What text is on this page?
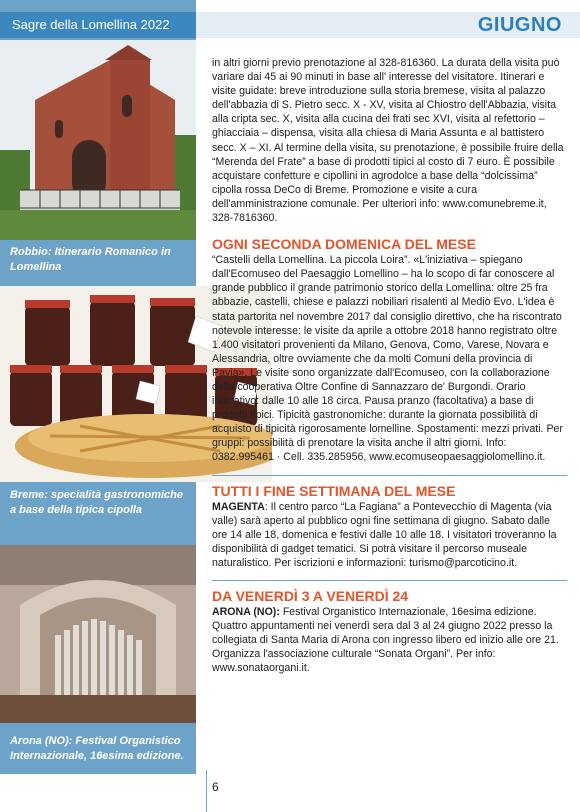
Sagre della Lomellina 2022	GIUGNO
Robbio: Itinerario Romanico in Lomellina
Breme: specialità gastronomiche a base della tipica cipolla
Arona (NO): Festival Organistico Internazionale, 16esima edizione.

in altri giorni previo prenotazione al 328-816360. La durata della visita può variare dai 45 ai 90 minuti in base all' interesse del visitatore. Itinerari e visite guidate: breve introduzione sulla storia bremese, visita al palazzo dell'abbazia di S. Pietro secc. X - XV, visita al Chiostro dell'Abbazia, visita alla cripta sec. X, visita alla cucina dei frati sec XVI, visita al refettorio – ghiacciaia – dispensa, visita alla chiesa di Maria Assunta e al battistero secc. X – XI. Al termine della visita, su prenotazione, è possibile fruire della “Merenda del Frate” a base di prodotti tipici al costo di 7 euro. È possibile acquistare confetture e cipollini in agrodolce a base della “dolcissima” cipolla rossa DeCo di Breme. Promozione e visite a cura dell'amministrazione comunale. Per ulteriori info: www.comunebreme.it, 328-7816360.

OGNI SECONDA DOMENICA DEL MESE

“Castelli della Lomellina. La piccola Loira”. «L'iniziativa – spiegano dall'Ecomuseo del Paesaggio Lomellino – ha lo scopo di far conoscere al grande pubblico il grande patrimonio storico della Lomellina: oltre 25 fra abbazie, castelli, chiese e palazzi nobiliari risalenti al Medio Evo. L'idea è stata partorita nel novembre 2017 dal consiglio direttivo, che ha riscontrato notevole interesse: le visite da aprile a ottobre 2018 hanno registrato oltre 1.400 visitatori provenienti da Milano, Genova, Como, Varese, Novara e Alessandria, oltre ovviamente che da molti Comuni della provincia di Pavia». Le visite sono organizzate dall'Ecomuseo, con la collaborazione della cooperativa Oltre Confine di Sannazzaro de' Burgondi. Orario indicativo: dalle 10 alle 18 circa. Pausa pranzo (facoltativa) a base di prodotti tipici. Tipicità gastronomiche: durante la giornata possibilità di acquisto di tipicità rigorosamente lomelline. Spostamenti: mezzi privati. Per gruppi: possibilità di prenotare la visita anche il altri giorni. Info: 0382.995461 · Cell. 335.285956, www.ecomuseopaesaggiolomellino.it.

TUTTI I FINE SETTIMANA DEL MESE

MAGENTA: Il centro parco “La Fagiana” a Pontevecchio di Magenta (via valle) sarà aperto al pubblico ogni fine settimana di giugno. Sabato dalle ore 14 alle 18, domenica e festivi dalle 10 alle 18. I visitatori troveranno la disponibilità di gadget tematici. Si potrà visitare il percorso museale naturalistico. Per iscrizioni e informazioni: turismo@parcoticino.it.

DA VENERDÌ 3 A VENERDÌ 24

ARONA (NO): Festival Organistico Internazionale, 16esima edizione. Quattro appuntamenti nei venerdì sera dal 3 al 24 giugno 2022 presso la collegiata di Santa Maria di Arona con ingresso libero ed inizio alle ore 21. Organizza l'associazione culturale “Sonata Organi”. Per info: www.sonataorgani.it.

6
